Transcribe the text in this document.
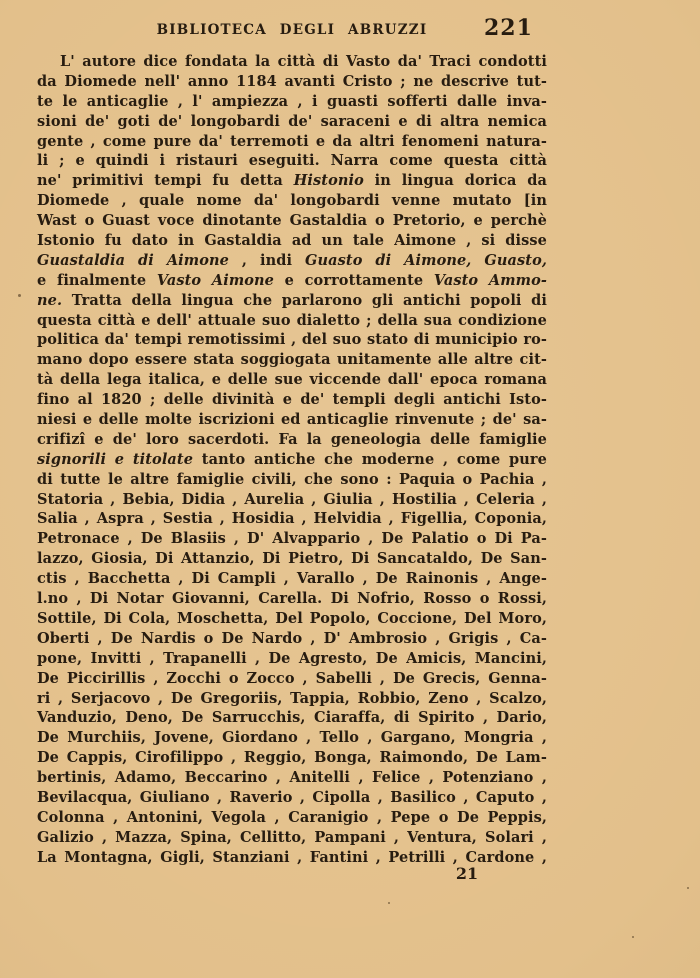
BIBLIOTECA DEGLI ABRUZZI	221
L' autore dice fondata la città di Vasto da' Traci condotti
da Diomede nell' anno 1184 avanti Cristo ; ne descrive tut-
te le anticaglie , l' ampiezza , i guasti sofferti dalle inva-
sioni de' goti de' longobardi de' saraceni e di altra nemica
gente , come pure da' terremoti e da altri fenomeni natura-
li ; e quindi i ristauri eseguiti. Narra come questa città
ne' primitivi tempi fu detta Histonio in lingua dorica da
Diomede , quale nome da' longobardi venne mutato [in
Wast o Guast voce dinotante Gastaldia o Pretorio, e perchè
Istonio fu dato in Gastaldia ad un tale Aimone , si disse
Guastaldia di Aimone , indi Guasto di Aimone, Guasto,
e finalmente Vasto Aimone e corrottamente Vasto Ammo-
ne. Tratta della lingua che parlarono gli antichi popoli di
questa città e dell' attuale suo dialetto ; della sua condizione
politica da' tempi remotissimi , del suo stato di municipio ro-
mano dopo essere stata soggiogata unitamente alle altre cit-
tà della lega italica, e delle sue viccende dall' epoca romana
fino al 1820 ; delle divinità e de' templi degli antichi Isto-
niesi e delle molte iscrizioni ed anticaglie rinvenute ; de' sa-
crifizî e de' loro sacerdoti. Fa la geneologia delle famiglie
signorili e titolate tanto antiche che moderne , come pure
di tutte le altre famiglie civili, che sono : Paquia o Pachia ,
Statoria , Bebia, Didia , Aurelia , Giulia , Hostilia , Celeria ,
Salia , Aspra , Sestia , Hosidia , Helvidia , Figellia, Coponia,
Petronace , De Blasiis , D' Alvappario , De Palatio o Di Pa-
lazzo, Giosia, Di Attanzio, Di Pietro, Di Sancataldo, De San-
ctis , Bacchetta , Di Campli , Varallo , De Rainonis , Ange-
l.no , Di Notar Giovanni, Carella. Di Nofrio, Rosso o Rossi,
Sottile, Di Cola, Moschetta, Del Popolo, Coccione, Del Moro,
Oberti , De Nardis o De Nardo , D' Ambrosio , Grigis , Ca-
pone, Invitti , Trapanelli , De Agresto, De Amicis, Mancini,
De Piccirillis , Zocchi o Zocco , Sabelli , De Grecis, Genna-
ri , Serjacovo , De Gregoriis, Tappia, Robbio, Zeno , Scalzo,
Vanduzio, Deno, De Sarrucchis, Ciaraffa, di Spirito , Dario,
De Murchiis, Jovene, Giordano , Tello , Gargano, Mongria ,
De Cappis, Cirofilippo , Reggio, Bonga, Raimondo, De Lam-
bertinis, Adamo, Beccarino , Anitelli , Felice , Potenziano ,
Bevilacqua, Giuliano , Raverio , Cipolla , Basilico , Caputo ,
Colonna , Antonini, Vegola , Caranigio , Pepe o De Peppis,
Galizio , Mazza, Spina, Cellitto, Pampani , Ventura, Solari ,
La Montagna, Gigli, Stanziani , Fantini , Petrilli , Cardone ,
21
